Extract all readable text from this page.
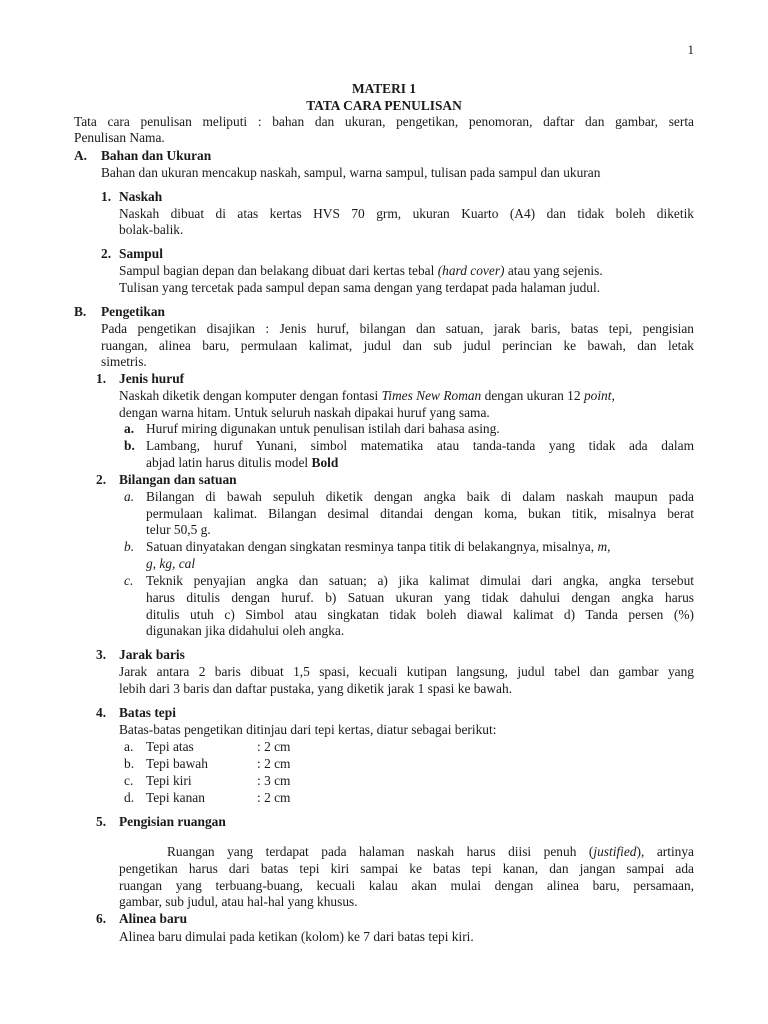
1
MATERI 1
TATA CARA PENULISAN
Tata cara penulisan meliputi : bahan dan ukuran, pengetikan, penomoran, daftar dan gambar, serta
Penulisan Nama.
A. Bahan dan Ukuran
Bahan dan ukuran mencakup naskah, sampul, warna sampul, tulisan pada sampul dan ukuran
1. Naskah
Naskah dibuat di atas kertas HVS 70 grm, ukuran Kuarto (A4) dan tidak boleh diketik
bolak-balik.
2. Sampul
Sampul bagian depan dan belakang dibuat dari kertas tebal (hard cover) atau yang sejenis.
Tulisan yang tercetak pada sampul depan sama dengan yang terdapat pada halaman judul.
B. Pengetikan
Pada pengetikan disajikan : Jenis huruf, bilangan dan satuan, jarak baris, batas tepi, pengisian
ruangan, alinea baru, permulaan kalimat, judul dan sub judul perincian ke bawah, dan letak
simetris.
1. Jenis huruf
Naskah diketik dengan komputer dengan fontasi Times New Roman dengan ukuran 12 point,
dengan warna hitam. Untuk seluruh naskah dipakai huruf yang sama.
a. Huruf miring digunakan untuk penulisan istilah dari bahasa asing.
b. Lambang, huruf Yunani, simbol matematika atau tanda-tanda yang tidak ada dalam
abjad latin harus ditulis model Bold
2. Bilangan dan satuan
a. Bilangan di bawah sepuluh diketik dengan angka baik di dalam naskah maupun pada
permulaan kalimat. Bilangan desimal ditandai dengan koma, bukan titik, misalnya berat
telur 50,5 g.
b. Satuan dinyatakan dengan singkatan resminya tanpa titik di belakangnya, misalnya, m,
g, kg, cal
c. Teknik penyajian angka dan satuan; a) jika kalimat dimulai dari angka, angka tersebut
harus ditulis dengan huruf. b) Satuan ukuran yang tidak dahului dengan angka harus
ditulis utuh c) Simbol atau singkatan tidak boleh diawal kalimat d) Tanda persen (%)
digunakan jika didahului oleh angka.
3. Jarak baris
Jarak antara 2 baris dibuat 1,5 spasi, kecuali kutipan langsung, judul tabel dan gambar yang
lebih dari 3 baris dan daftar pustaka, yang diketik jarak 1 spasi ke bawah.
4. Batas tepi
Batas-batas pengetikan ditinjau dari tepi kertas, diatur sebagai berikut:
a. Tepi atas	: 2 cm
b. Tepi bawah	: 2 cm
c. Tepi kiri	: 3 cm
d. Tepi kanan	: 2 cm
5. Pengisian ruangan
Ruangan yang terdapat pada halaman naskah harus diisi penuh (justified), artinya
pengetikan harus dari batas tepi kiri sampai ke batas tepi kanan, dan jangan sampai ada
ruangan yang terbuang-buang, kecuali kalau akan mulai dengan alinea baru, persamaan,
gambar, sub judul, atau hal-hal yang khusus.
6. Alinea baru
Alinea baru dimulai pada ketikan (kolom) ke 7 dari batas tepi kiri.
